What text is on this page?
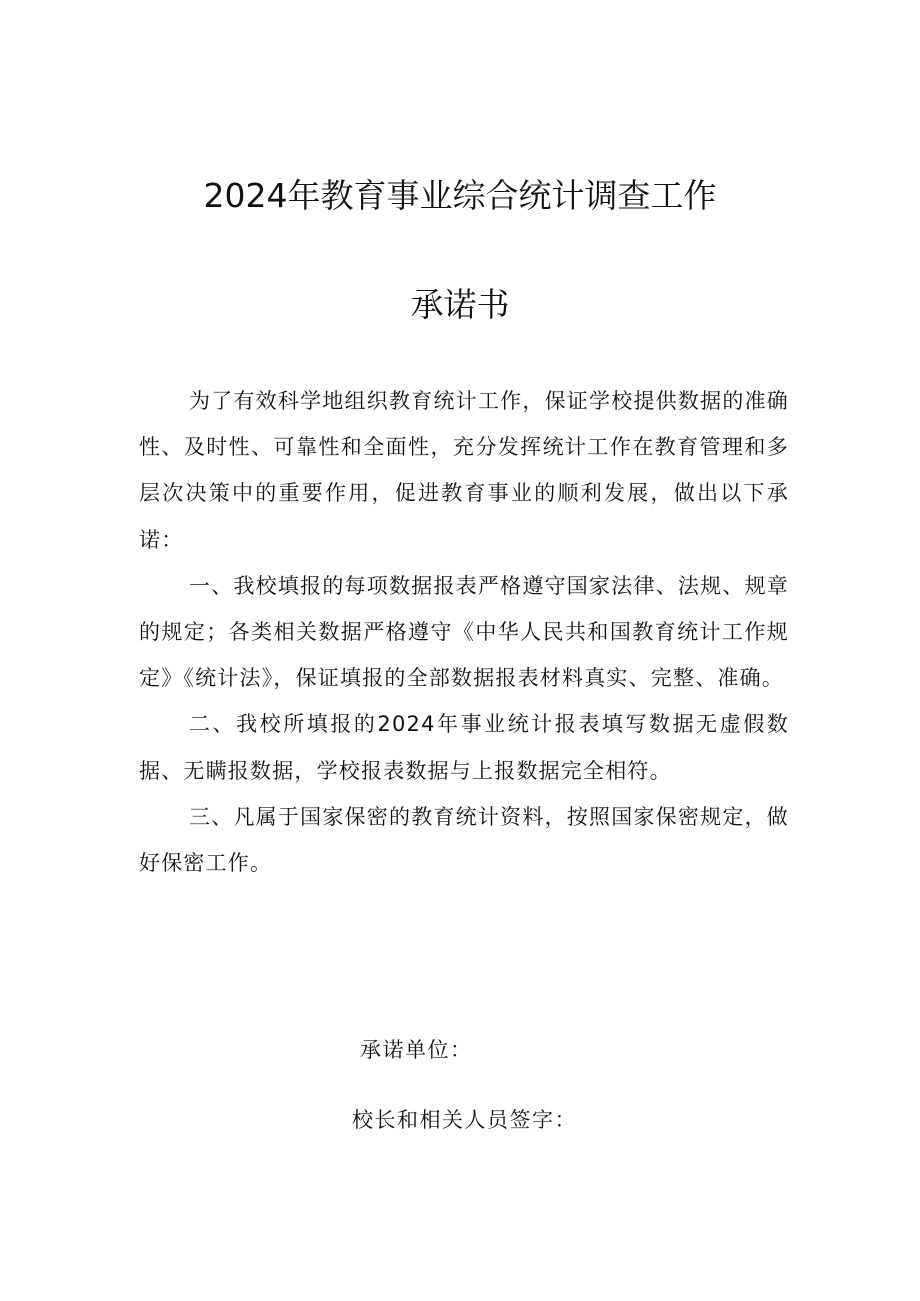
2024年教育事业综合统计调查工作
承诺书

为了有效科学地组织教育统计工作，保证学校提供数据的准确性、及时性、可靠性和全面性，充分发挥统计工作在教育管理和多层次决策中的重要作用，促进教育事业的顺利发展，做出以下承诺：

一、我校填报的每项数据报表严格遵守国家法律、法规、规章的规定；各类相关数据严格遵守《中华人民共和国教育统计工作规定》《统计法》，保证填报的全部数据报表材料真实、完整、准确。

二、我校所填报的2024年事业统计报表填写数据无虚假数据、无瞒报数据，学校报表数据与上报数据完全相符。

三、凡属于国家保密的教育统计资料，按照国家保密规定，做好保密工作。

承诺单位：
校长和相关人员签字：
